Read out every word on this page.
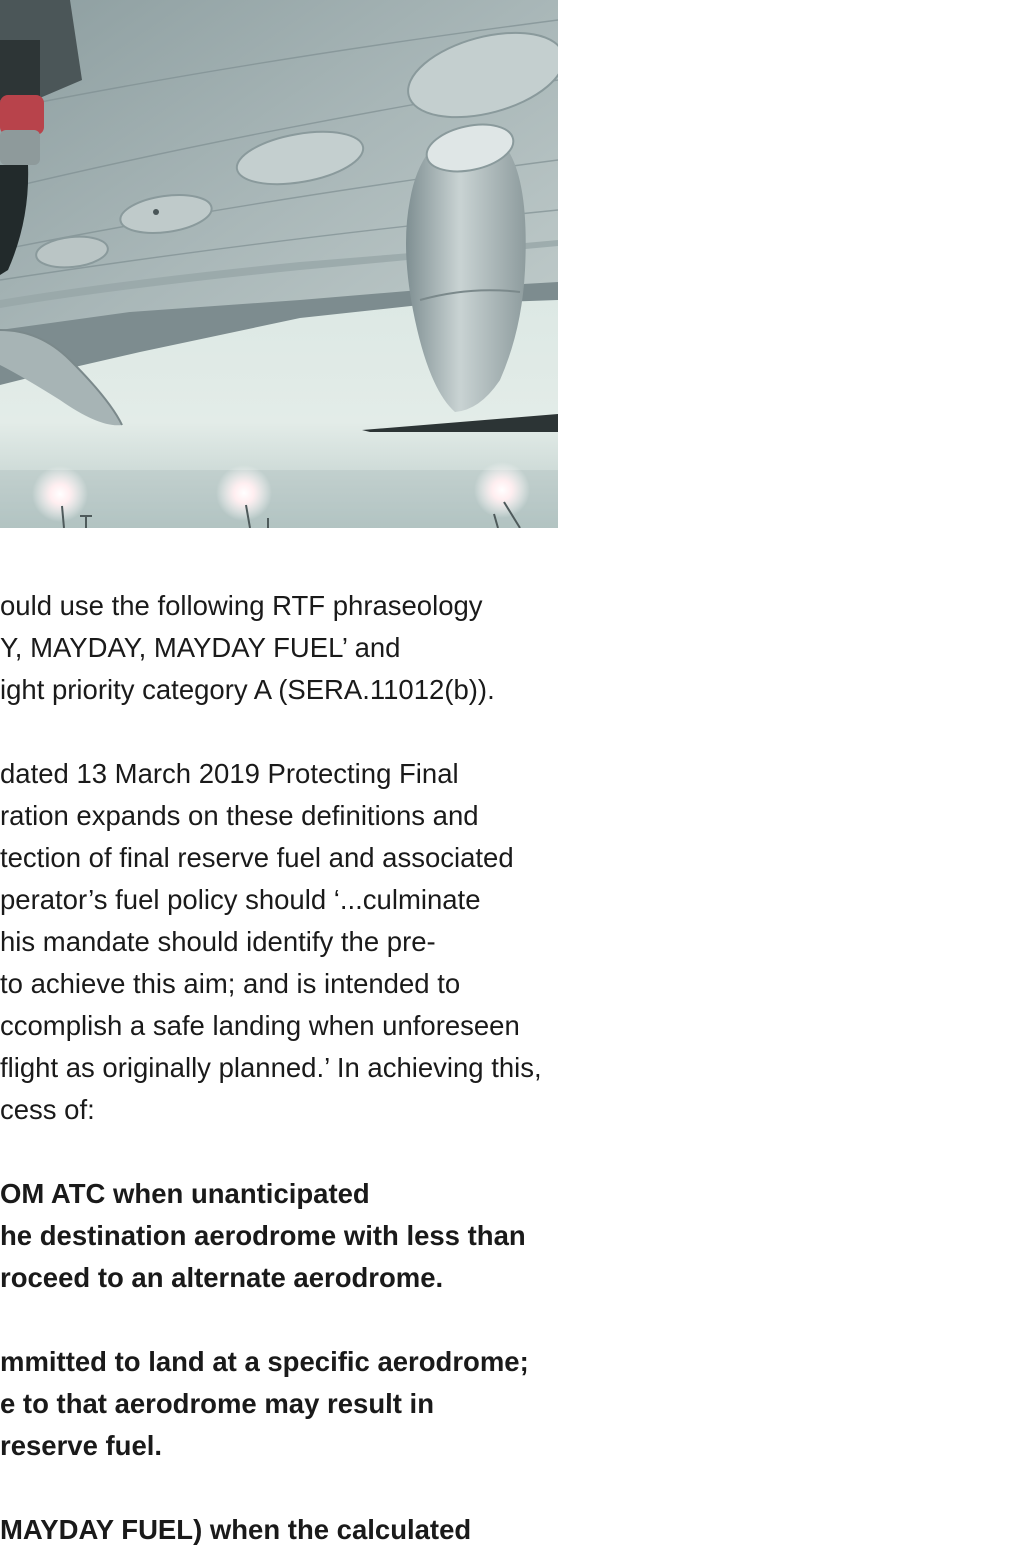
ould use the following RTF phraseology
Y, MAYDAY, MAYDAY FUEL’ and
ight priority category A (SERA.11012(b)).

dated 13 March 2019 Protecting Final
ration expands on these definitions and
tection of final reserve fuel and associated
perator’s fuel policy should ‘...culminate
his mandate should identify the pre-
to achieve this aim; and is intended to
ccomplish a safe landing when unforeseen
flight as originally planned.’ In achieving this,
cess of:

OM ATC when unanticipated
he destination aerodrome with less than
roceed to an alternate aerodrome.

mmitted to land at a specific aerodrome;
e to that aerodrome may result in
reserve fuel.

MAYDAY FUEL) when the calculated
